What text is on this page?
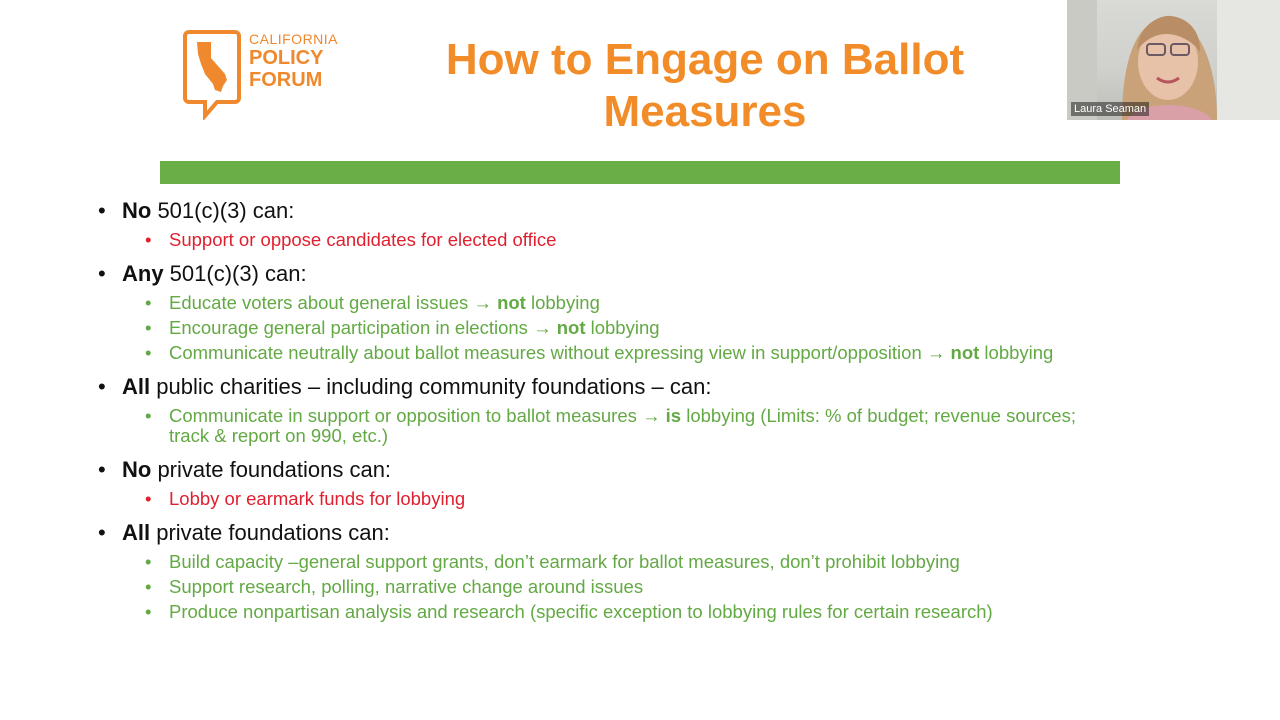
CALIFORNIA
POLICY
FORUM	How to Engage on Ballot
Measures
• No 501(c)(3) can:
• Support or oppose candidates for elected office
• Any 501(c)(3) can:
• Educate voters about general issues → not lobbying
• Encourage general participation in elections → not lobbying
• Communicate neutrally about ballot measures without expressing view in support/opposition → not lobbying
• All public charities – including community foundations – can:
• Communicate in support or opposition to ballot measures → is lobbying (Limits: % of budget; revenue sources; track & report on 990, etc.)
• No private foundations can:
• Lobby or earmark funds for lobbying
• All private foundations can:
• Build capacity –general support grants, don’t earmark for ballot measures, don’t prohibit lobbying
• Support research, polling, narrative change around issues
• Produce nonpartisan analysis and research (specific exception to lobbying rules for certain research)
Laura Seaman
